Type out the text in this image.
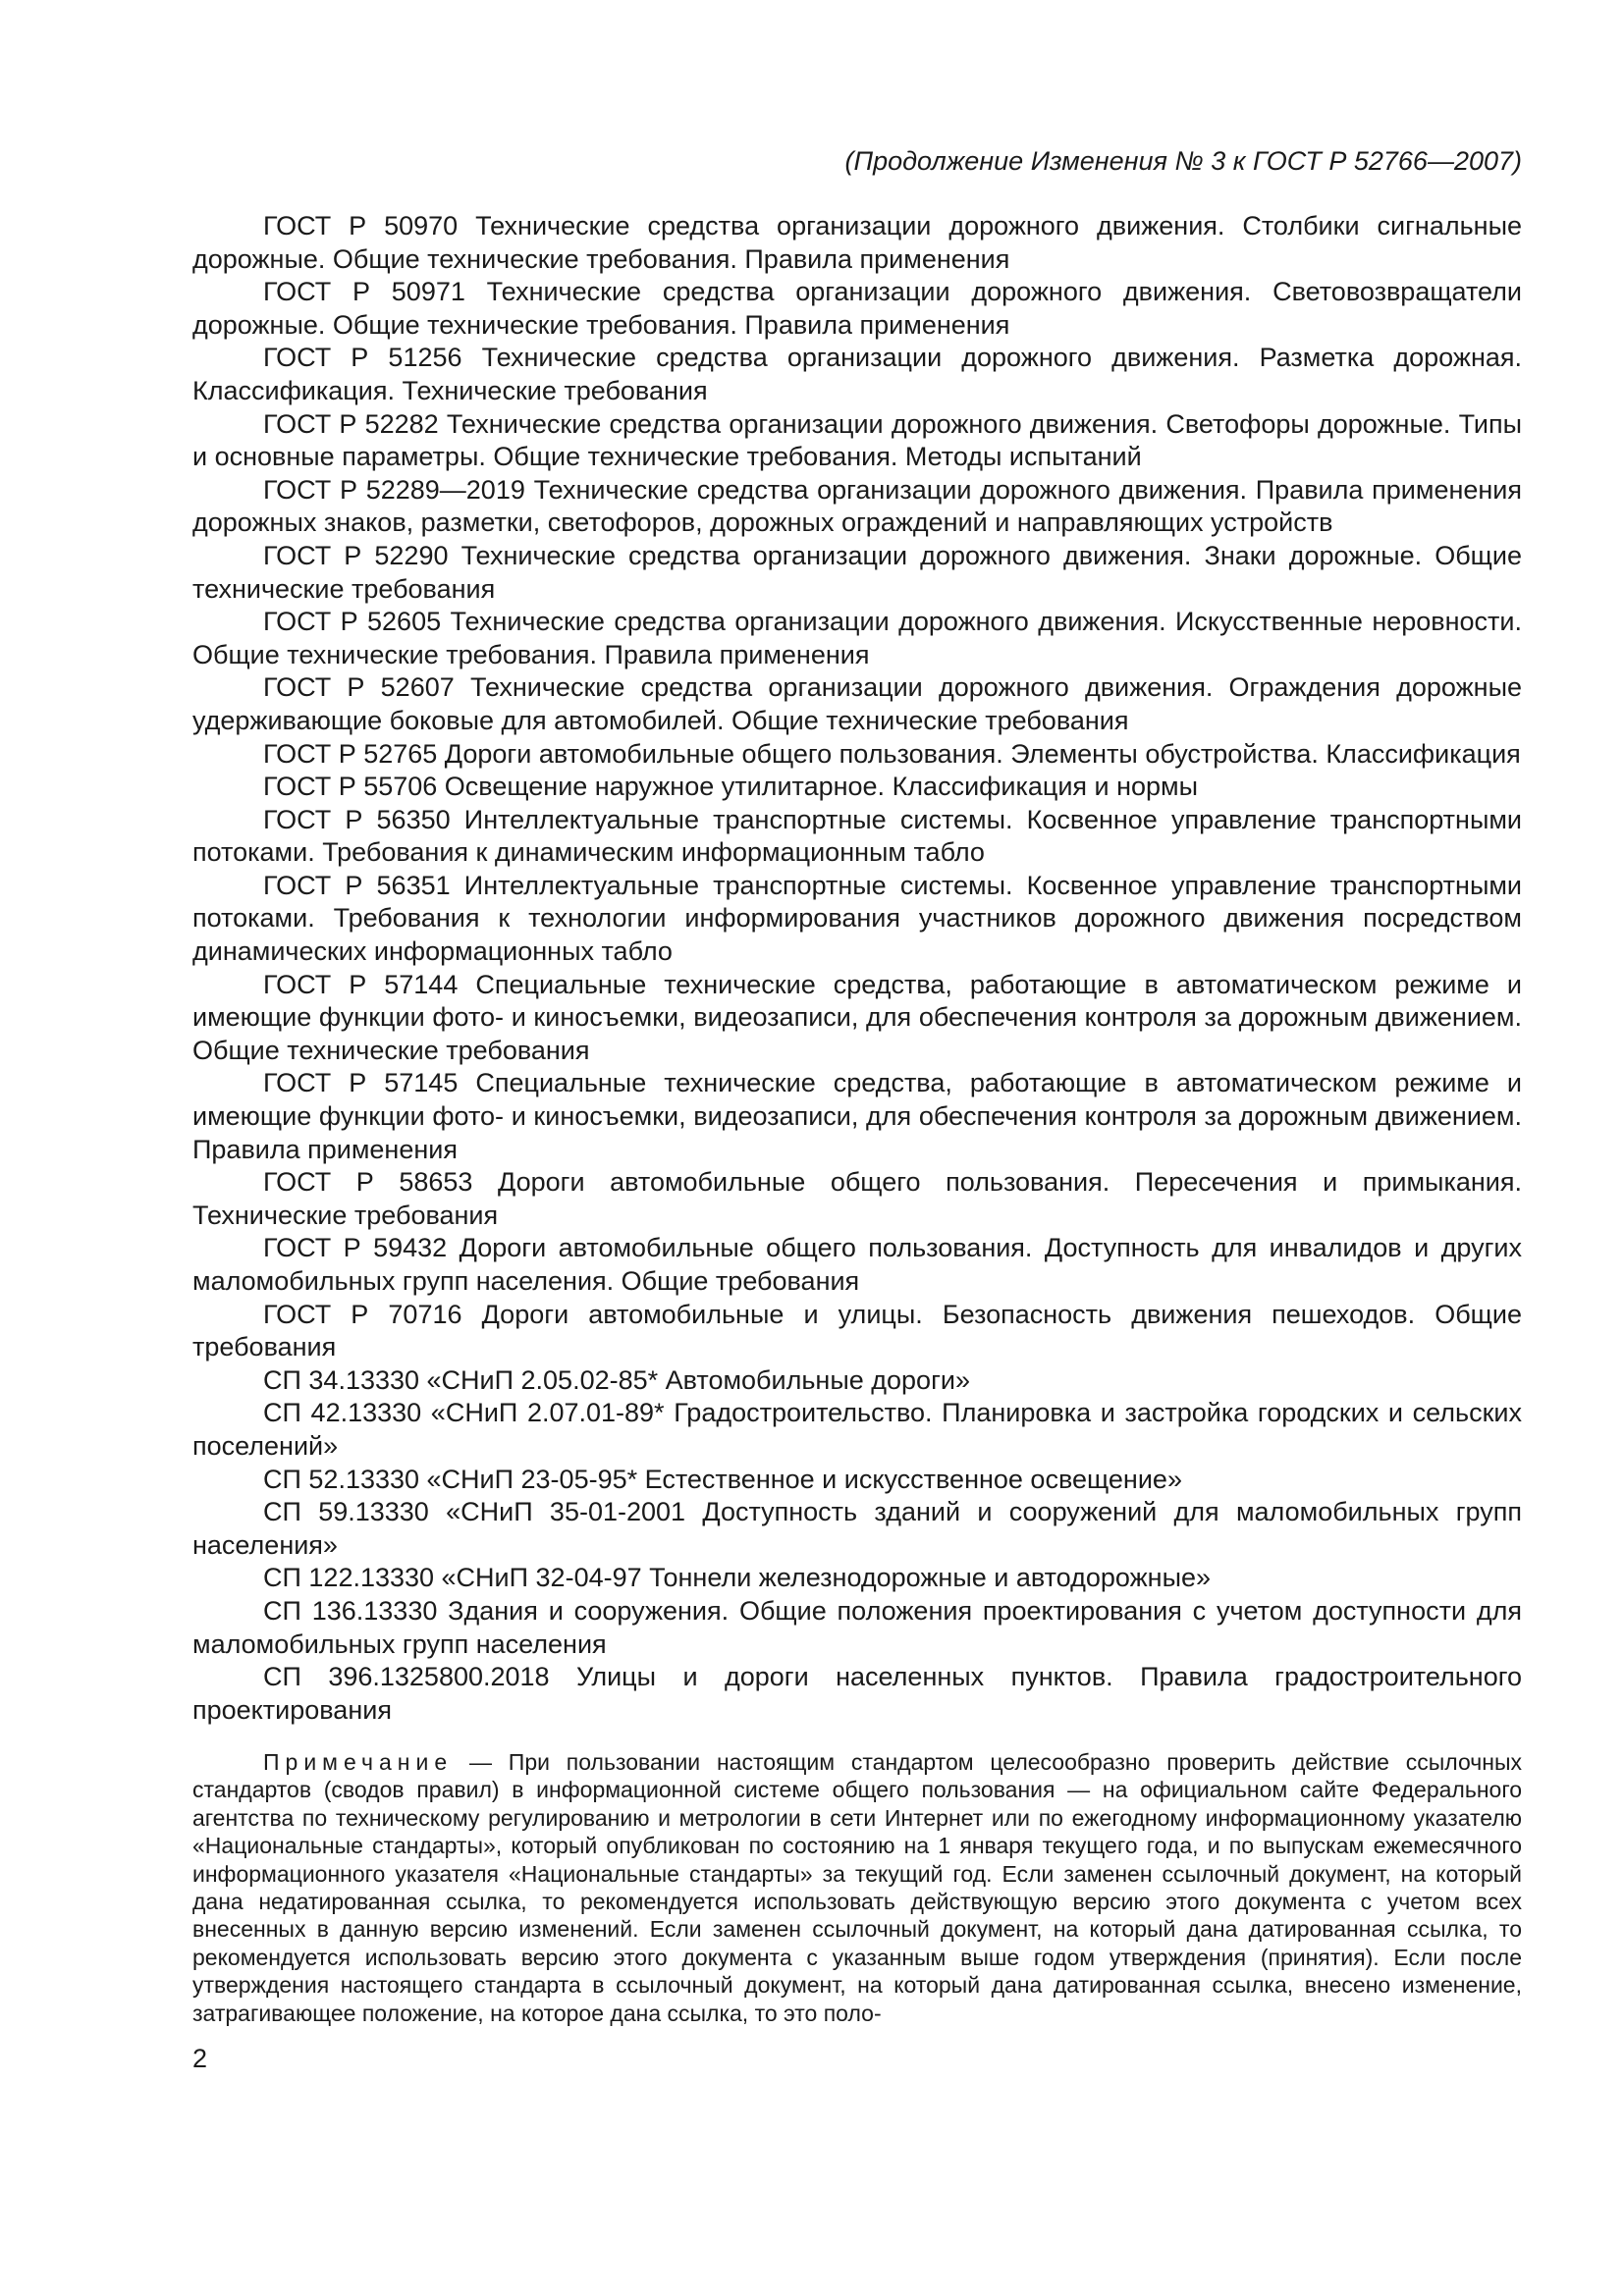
(Продолжение Изменения № 3 к ГОСТ Р 52766—2007)

ГОСТ Р 50970 Технические средства организации дорожного движения. Столбики сигнальные дорожные. Общие технические требования. Правила применения

ГОСТ Р 50971 Технические средства организации дорожного движения. Световозвращатели дорожные. Общие технические требования. Правила применения

ГОСТ Р 51256 Технические средства организации дорожного движения. Разметка дорожная. Классификация. Технические требования

ГОСТ Р 52282 Технические средства организации дорожного движения. Светофоры дорожные. Типы и основные параметры. Общие технические требования. Методы испытаний

ГОСТ Р 52289—2019 Технические средства организации дорожного движения. Правила применения дорожных знаков, разметки, светофоров, дорожных ограждений и направляющих устройств

ГОСТ Р 52290 Технические средства организации дорожного движения. Знаки дорожные. Общие технические требования

ГОСТ Р 52605 Технические средства организации дорожного движения. Искусственные неровности. Общие технические требования. Правила применения

ГОСТ Р 52607 Технические средства организации дорожного движения. Ограждения дорожные удерживающие боковые для автомобилей. Общие технические требования

ГОСТ Р 52765 Дороги автомобильные общего пользования. Элементы обустройства. Классификация

ГОСТ Р 55706 Освещение наружное утилитарное. Классификация и нормы

ГОСТ Р 56350 Интеллектуальные транспортные системы. Косвенное управление транспортными потоками. Требования к динамическим информационным табло

ГОСТ Р 56351 Интеллектуальные транспортные системы. Косвенное управление транспортными потоками. Требования к технологии информирования участников дорожного движения посредством динамических информационных табло

ГОСТ Р 57144 Специальные технические средства, работающие в автоматическом режиме и имеющие функции фото- и киносъемки, видеозаписи, для обеспечения контроля за дорожным движением. Общие технические требования

ГОСТ Р 57145 Специальные технические средства, работающие в автоматическом режиме и имеющие функции фото- и киносъемки, видеозаписи, для обеспечения контроля за дорожным движением. Правила применения

ГОСТ Р 58653 Дороги автомобильные общего пользования. Пересечения и примыкания. Технические требования

ГОСТ Р 59432 Дороги автомобильные общего пользования. Доступность для инвалидов и других маломобильных групп населения. Общие требования

ГОСТ Р 70716 Дороги автомобильные и улицы. Безопасность движения пешеходов. Общие требования

СП 34.13330 «СНиП 2.05.02-85* Автомобильные дороги»

СП 42.13330 «СНиП 2.07.01-89* Градостроительство. Планировка и застройка городских и сельских поселений»

СП 52.13330 «СНиП 23-05-95* Естественное и искусственное освещение»

СП 59.13330 «СНиП 35-01-2001 Доступность зданий и сооружений для маломобильных групп населения»

СП 122.13330 «СНиП 32-04-97 Тоннели железнодорожные и автодорожные»

СП 136.13330 Здания и сооружения. Общие положения проектирования с учетом доступности для маломобильных групп населения

СП 396.1325800.2018 Улицы и дороги населенных пунктов. Правила градостроительного проектирования

Примечание — При пользовании настоящим стандартом целесообразно проверить действие ссылочных стандартов (сводов правил) в информационной системе общего пользования — на официальном сайте Федерального агентства по техническому регулированию и метрологии в сети Интернет или по ежегодному информационному указателю «Национальные стандарты», который опубликован по состоянию на 1 января текущего года, и по выпускам ежемесячного информационного указателя «Национальные стандарты» за текущий год. Если заменен ссылочный документ, на который дана недатированная ссылка, то рекомендуется использовать действующую версию этого документа с учетом всех внесенных в данную версию изменений. Если заменен ссылочный документ, на который дана датированная ссылка, то рекомендуется использовать версию этого документа с указанным выше годом утверждения (принятия). Если после утверждения настоящего стандарта в ссылочный документ, на который дана датированная ссылка, внесено изменение, затрагивающее положение, на которое дана ссылка, то это поло-

2
